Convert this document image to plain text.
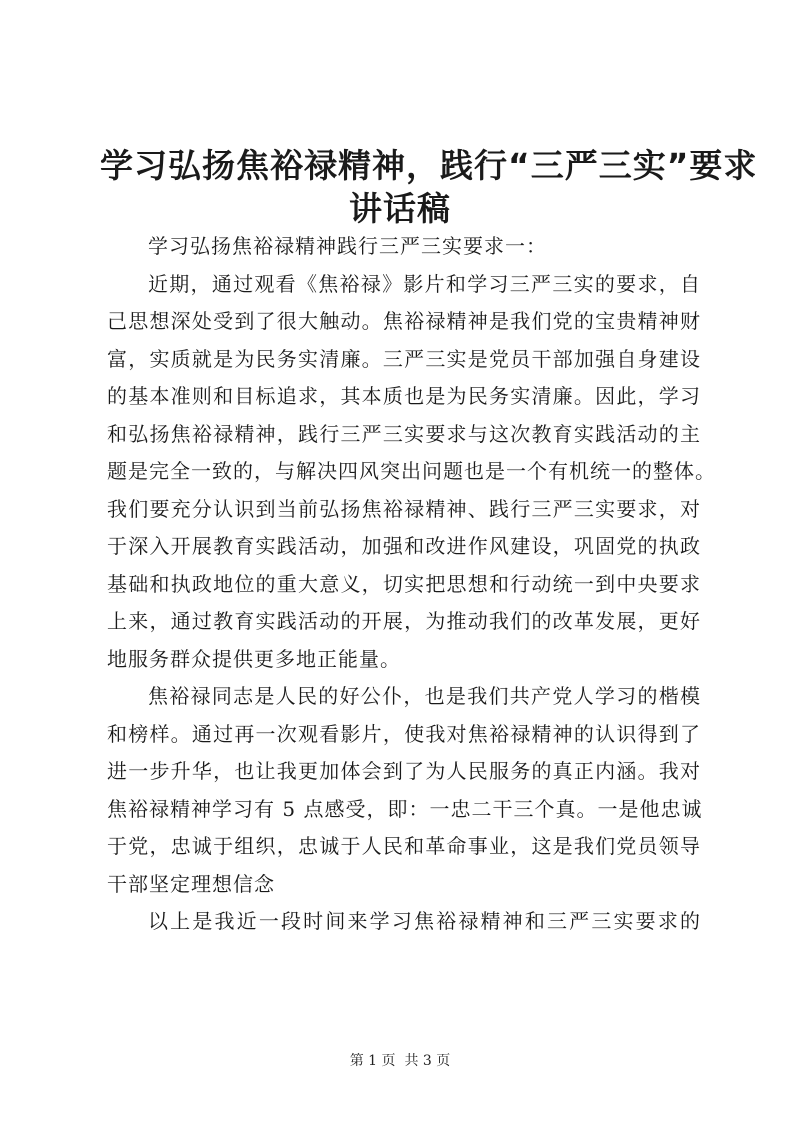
学习弘扬焦裕禄精神，践行“三严三实”要求
讲话稿
学习弘扬焦裕禄精神践行三严三实要求一：
近期，通过观看《焦裕禄》影片和学习三严三实的要求，自
己思想深处受到了很大触动。焦裕禄精神是我们党的宝贵精神财
富，实质就是为民务实清廉。三严三实是党员干部加强自身建设
的基本准则和目标追求，其本质也是为民务实清廉。因此，学习
和弘扬焦裕禄精神，践行三严三实要求与这次教育实践活动的主
题是完全一致的，与解决四风突出问题也是一个有机统一的整体。
我们要充分认识到当前弘扬焦裕禄精神、践行三严三实要求，对
于深入开展教育实践活动，加强和改进作风建设，巩固党的执政
基础和执政地位的重大意义，切实把思想和行动统一到中央要求
上来，通过教育实践活动的开展，为推动我们的改革发展，更好
地服务群众提供更多地正能量。
焦裕禄同志是人民的好公仆，也是我们共产党人学习的楷模
和榜样。通过再一次观看影片，使我对焦裕禄精神的认识得到了
进一步升华，也让我更加体会到了为人民服务的真正内涵。我对
焦裕禄精神学习有 5 点感受，即：一忠二干三个真。一是他忠诚
于党，忠诚于组织，忠诚于人民和革命事业，这是我们党员领导
干部坚定理想信念
以上是我近一段时间来学习焦裕禄精神和三严三实要求的

第 1 页  共 3 页
